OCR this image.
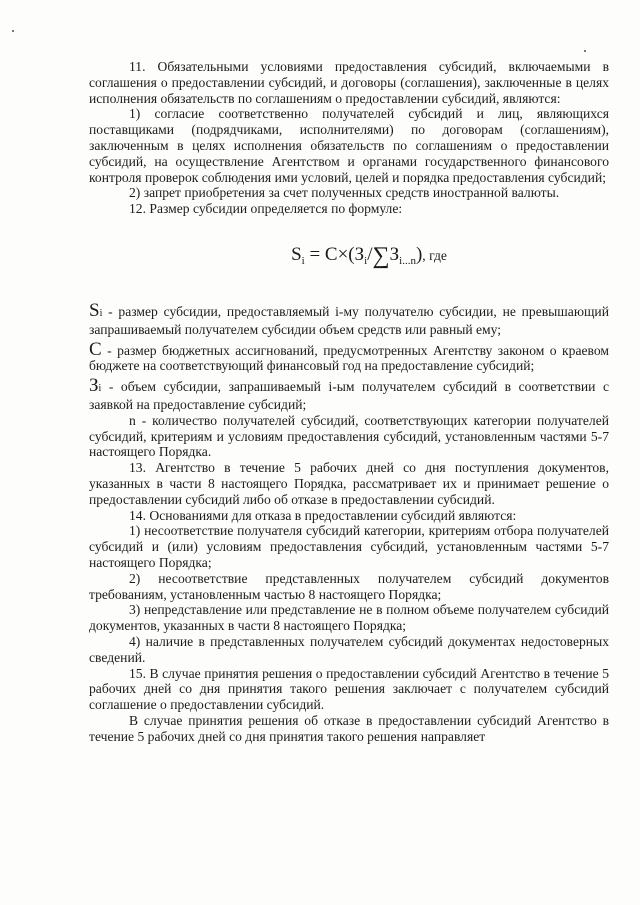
11. Обязательными условиями предоставления субсидий, включаемыми в соглашения о предоставлении субсидий, и договоры (соглашения), заключенные в целях исполнения обязательств по соглашениям о предоставлении субсидий, являются:

1) согласие соответственно получателей субсидий и лиц, являющихся поставщиками (подрядчиками, исполнителями) по договорам (соглашениям), заключенным в целях исполнения обязательств по соглашениям о предоставлении субсидий, на осуществление Агентством и органами государственного финансового контроля проверок соблюдения ими условий, целей и порядка предоставления субсидий;

2) запрет приобретения за счет полученных средств иностранной валюты.

12. Размер субсидии определяется по формуле:

$S_i = C\times(З_i/\sum З_{i...n})$, где

Si - размер субсидии, предоставляемый i-му получателю субсидии, не превышающий запрашиваемый получателем субсидии объем средств или равный ему;

C - размер бюджетных ассигнований, предусмотренных Агентству законом о краевом бюджете на соответствующий финансовый год на предоставление субсидий;

Зi - объем субсидии, запрашиваемый i-ым получателем субсидий в соответствии с заявкой на предоставление субсидий;

n - количество получателей субсидий, соответствующих категории получателей субсидий, критериям и условиям предоставления субсидий, установленным частями 5-7 настоящего Порядка.

13. Агентство в течение 5 рабочих дней со дня поступления документов, указанных в части 8 настоящего Порядка, рассматривает их и принимает решение о предоставлении субсидий либо об отказе в предоставлении субсидий.

14. Основаниями для отказа в предоставлении субсидий являются:

1) несоответствие получателя субсидий категории, критериям отбора получателей субсидий и (или) условиям предоставления субсидий, установленным частями 5-7 настоящего Порядка;

2) несоответствие представленных получателем субсидий документов требованиям, установленным частью 8 настоящего Порядка;

3) непредставление или представление не в полном объеме получателем субсидий документов, указанных в части 8 настоящего Порядка;

4) наличие в представленных получателем субсидий документах недостоверных сведений.

15. В случае принятия решения о предоставлении субсидий Агентство в течение 5 рабочих дней со дня принятия такого решения заключает с получателем субсидий соглашение о предоставлении субсидий.

В случае принятия решения об отказе в предоставлении субсидий Агентство в течение 5 рабочих дней со дня принятия такого решения направляет
